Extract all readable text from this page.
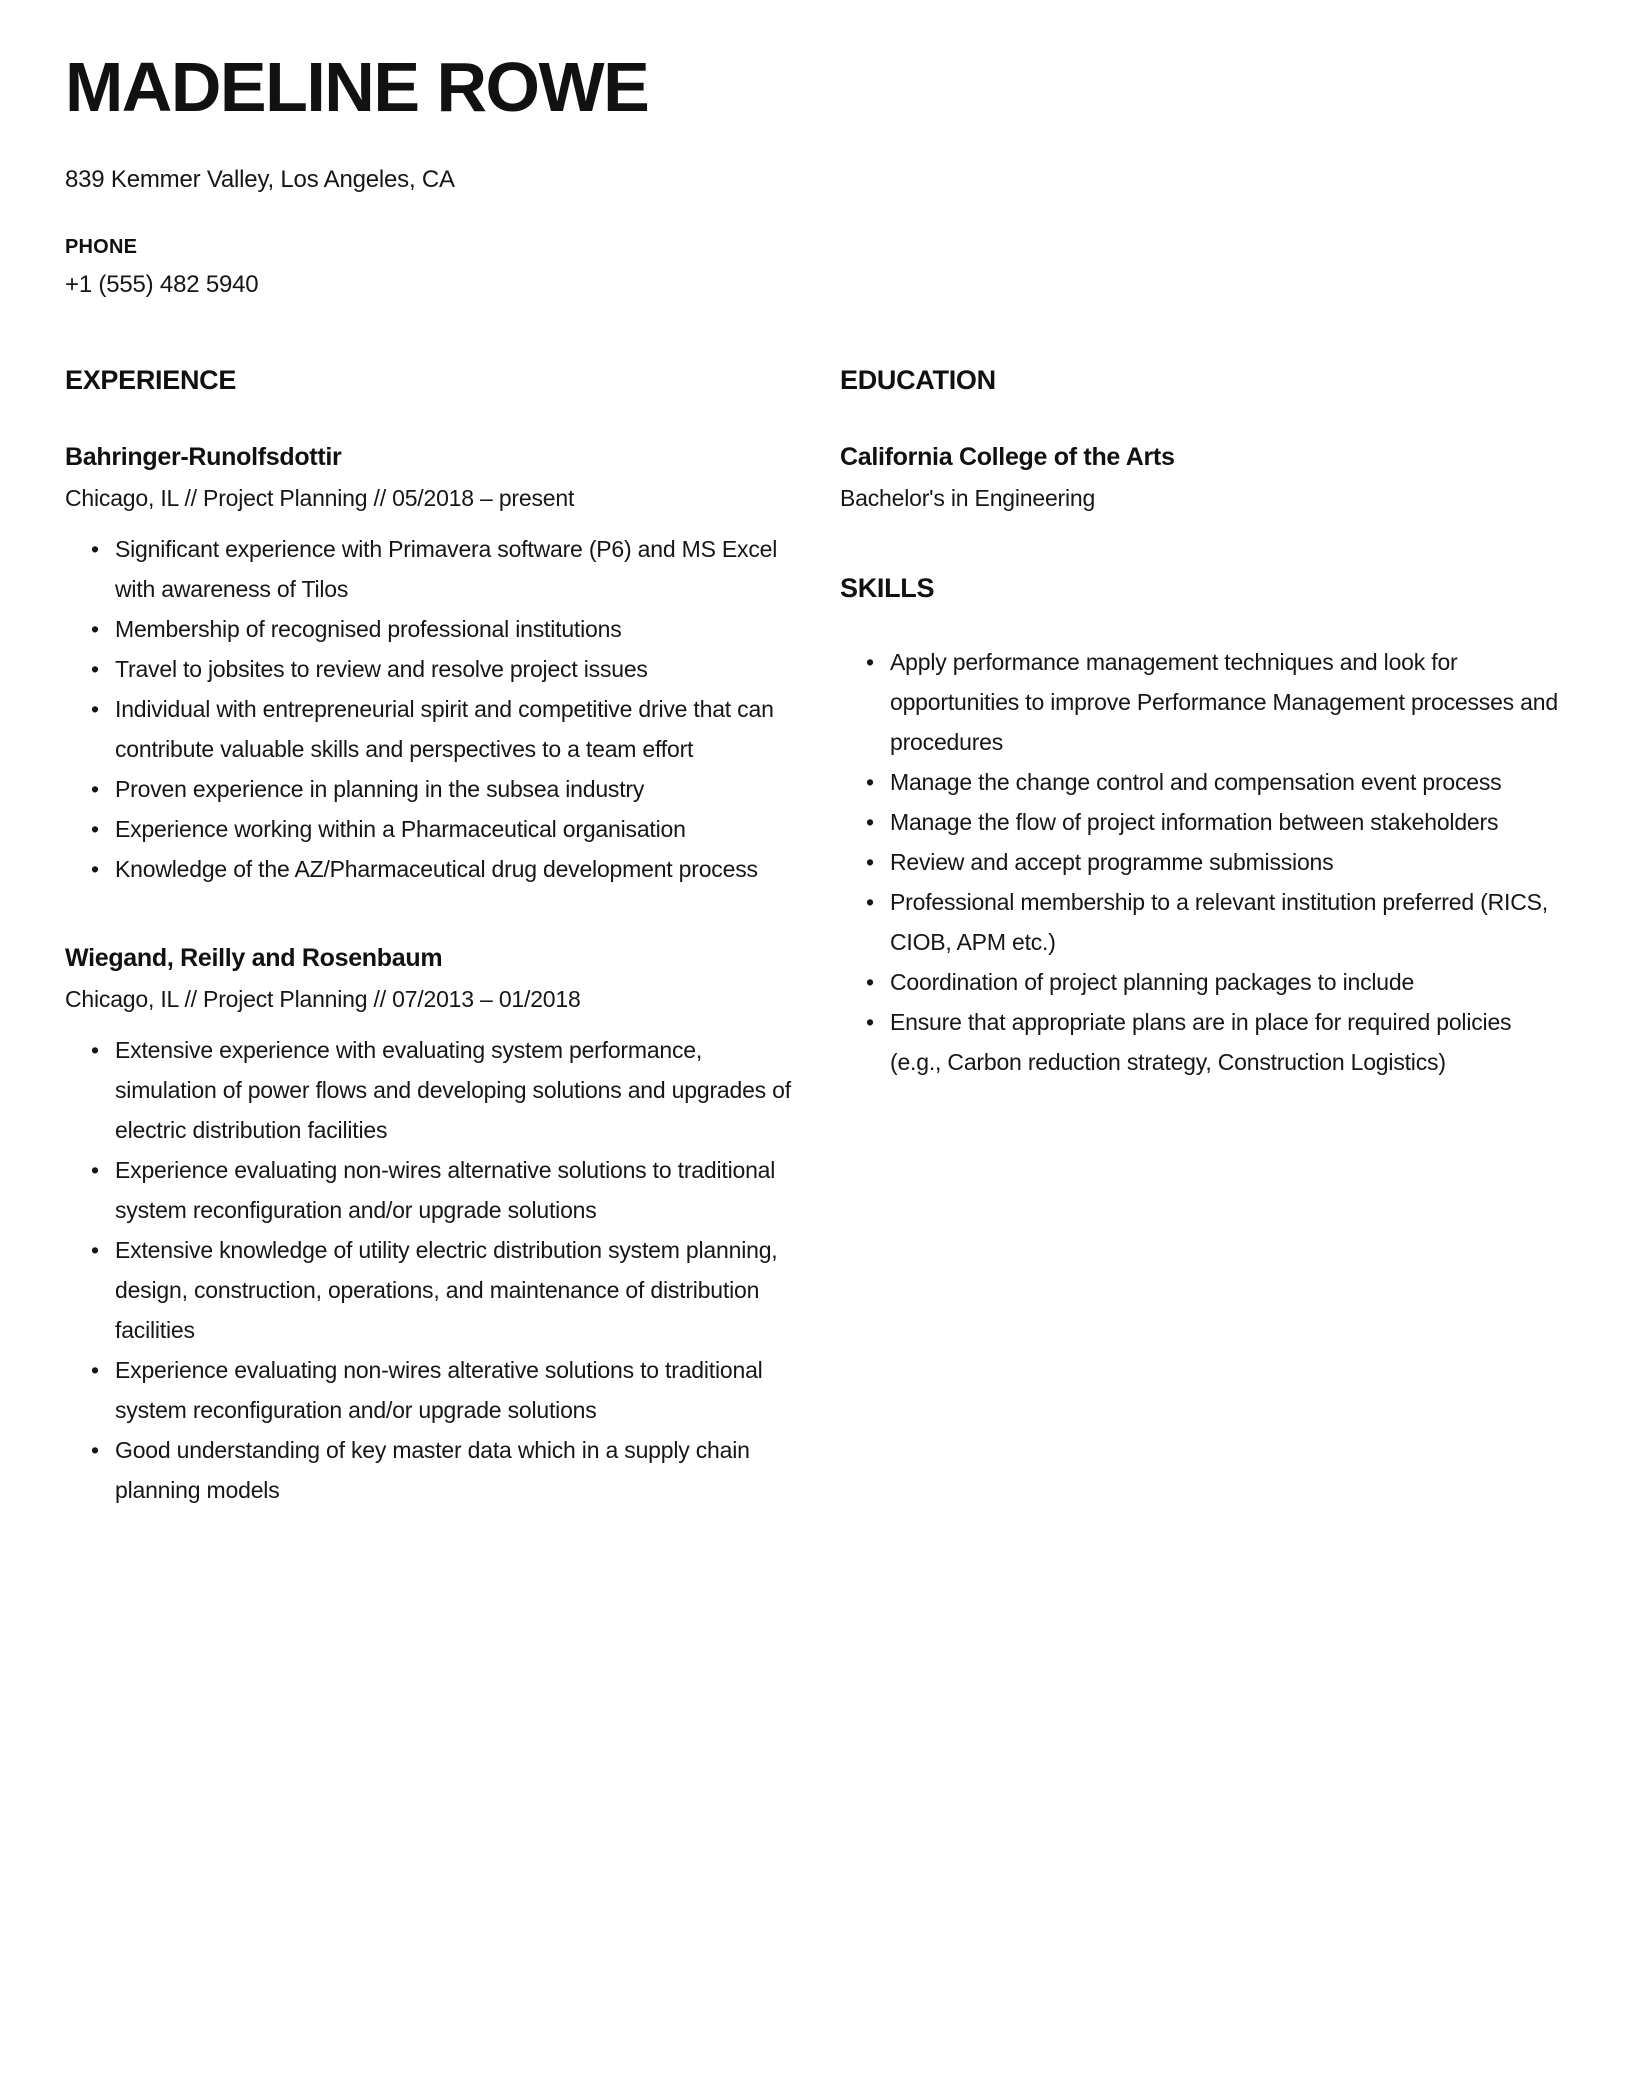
MADELINE ROWE
839 Kemmer Valley, Los Angeles, CA
PHONE
+1 (555) 482 5940
EXPERIENCE
Bahringer-Runolfsdottir
Chicago, IL // Project Planning // 05/2018 – present
• Significant experience with Primavera software (P6) and MS Excel with awareness of Tilos
• Membership of recognised professional institutions
• Travel to jobsites to review and resolve project issues
• Individual with entrepreneurial spirit and competitive drive that can contribute valuable skills and perspectives to a team effort
• Proven experience in planning in the subsea industry
• Experience working within a Pharmaceutical organisation
• Knowledge of the AZ/Pharmaceutical drug development process
Wiegand, Reilly and Rosenbaum
Chicago, IL // Project Planning // 07/2013 – 01/2018
• Extensive experience with evaluating system performance, simulation of power flows and developing solutions and upgrades of electric distribution facilities
• Experience evaluating non-wires alternative solutions to traditional system reconfiguration and/or upgrade solutions
• Extensive knowledge of utility electric distribution system planning, design, construction, operations, and maintenance of distribution facilities
• Experience evaluating non-wires alterative solutions to traditional system reconfiguration and/or upgrade solutions
• Good understanding of key master data which in a supply chain planning models
EDUCATION
California College of the Arts
Bachelor's in Engineering
SKILLS
• Apply performance management techniques and look for opportunities to improve Performance Management processes and procedures
• Manage the change control and compensation event process
• Manage the flow of project information between stakeholders
• Review and accept programme submissions
• Professional membership to a relevant institution preferred (RICS, CIOB, APM etc.)
• Coordination of project planning packages to include
• Ensure that appropriate plans are in place for required policies (e.g., Carbon reduction strategy, Construction Logistics)
